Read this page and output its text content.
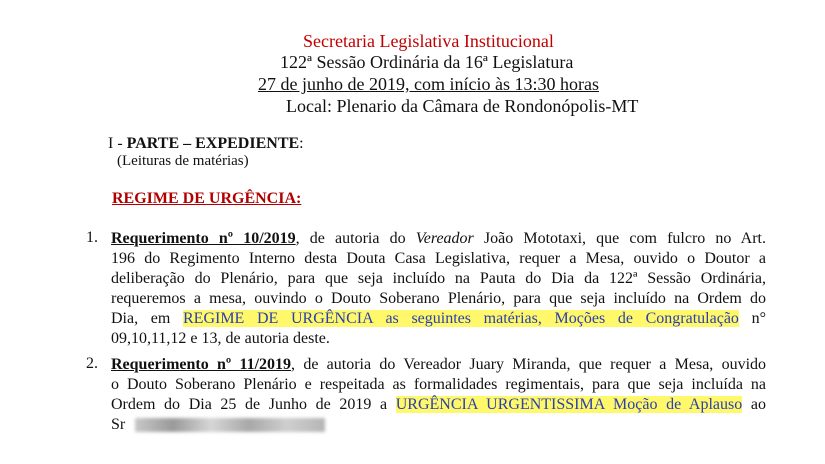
Secretaria Legislativa Institucional
122ª Sessão Ordinária da 16ª Legislatura
27 de junho de 2019, com início às 13:30 horas
Local: Plenario da Câmara de Rondonópolis-MT
I - PARTE – EXPEDIENTE:
(Leituras de matérias)
REGIME DE URGÊNCIA:
1. Requerimento nº 10/2019, de autoria do Vereador João Mototaxi, que com fulcro no Art.
196 do Regimento Interno desta Douta Casa Legislativa, requer a Mesa, ouvido o Doutor a
deliberação do Plenário, para que seja incluído na Pauta do Dia da 122ª Sessão Ordinária,
requeremos a mesa, ouvindo o Douto Soberano Plenário, para que seja incluído na Ordem do
Dia, em REGIME DE URGÊNCIA as seguintes matérias, Moções de Congratulação n°
09,10,11,12 e 13, de autoria deste.
2. Requerimento nº 11/2019, de autoria do Vereador Juary Miranda, que requer a Mesa, ouvido
o Douto Soberano Plenário e respeitada as formalidades regimentais, para que seja incluída na
Ordem do Dia 25 de Junho de 2019 a URGÊNCIA URGENTISSIMA Moção de Aplauso ao
Sr
